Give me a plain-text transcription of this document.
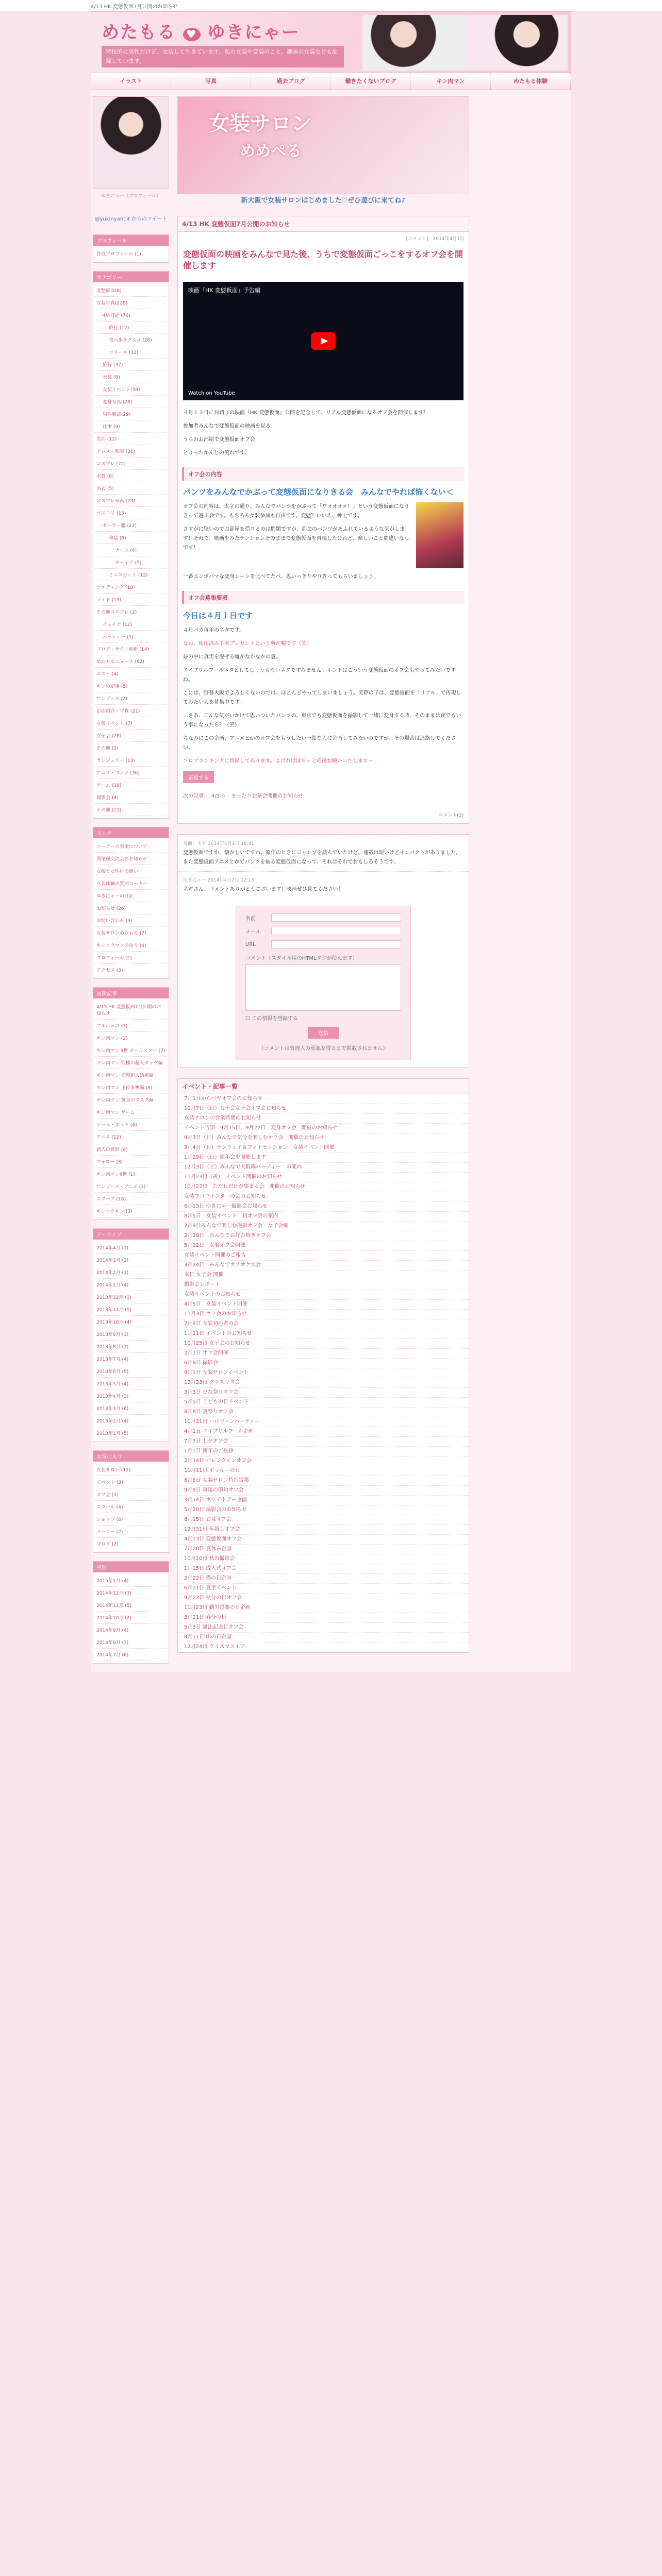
4/13 HK 変態仮面7月公開のお知らせ
めたもる ♥ ゆきにゃー
特技的に男性だけど、女装して生きています。私の女装や変装のこと、趣味の女装なども記録しています。
イラスト	写真	過去ブログ	働きたくないブログ	キン肉マン	めたもる体験
ゆきにゃー（プロフィール）
@yukinyan14 からのツイート
プロフィール
作成プロフィール (1)
カテゴリー
変態仮面(8)
女装写真(228)
4/4日記 (76)
旅行 (17)
食べ歩きグルメ (26)
ロリータ (33)
旅行 (37)
衣装 (8)
女装イベント(38)
変身写真 (28)
男性雑誌(29)
仕事 (9)
生活 (12)
ドレス・和服 (31)
コスプレ (72)
水着 (8)
浴衣 (5)
コスプレ写真 (23)
ゴスロリ (15)
セーラー服 (22)
和装 (8)
ナース (4)
チャイナ (5)
ミニスカート (12)
ウエディング (18)
メイド (13)
その他コスプレ (2)
チャイナ (12)
パーティー (5)
ブログ・サイト更新 (14)
めたもるニュース (62)
エステ (4)
キンの記事 (5)
ワンピース (2)
お店紹介・写真 (21)
女装イベント (7)
女子会 (28)
その他 (3)
ランジェリー (13)
アニメ・マンガ (36)
ゲーム (19)
撮影会 (4)
その他 (11)
リンク
コーナーの事項について
異業種交流会のお知らせ
女装と女性化の違い
女装体験の質問コーナー
ゆきにゃーの日記
お知らせ (26)
お問い合わせ (3)
女装サロンめたもる (7)
キンニクマンの語り (4)
プロフィール (2)
アクセス (3)
最新記事
4/13 HK 変態仮面7月公開のお知らせ
フルボッコ (1)
キン肉マン (2)
キン肉マン Ⅱ世 オールスター (7)
キン肉マン 究極の超人タッグ編
キン肉マン 完璧超人始祖編
キン肉マン 王位争奪編 (8)
キン肉マン 黄金のマスク編
キン肉マン ゲーム
ゲーム・ネット (4)
アニメ (12)
新人の質問 (4)
フォロー (8)
キン肉マンII世 (1)
ワンピース・アニメ (3)
スクープ (18)
キンニクキン (3)
アーカイブ
2014年4月 (1)
2014年3月 (2)
2014年2月 (1)
2014年1月 (4)
2013年12月 (3)
2013年11月 (5)
2013年10月 (4)
2013年9月 (3)
2013年8月 (2)
2013年7月 (4)
2013年6月 (5)
2013年5月 (4)
2013年4月 (3)
2013年3月 (6)
2013年2月 (4)
2013年1月 (5)
お気に入り
女装サロン (11)
イベント (8)
オフ会 (3)
スクール (4)
ショップ (6)
メーカー (2)
ブログ (7)
月別
2015年1月 (4)
2014年12月 (3)
2014年11月 (5)
2014年10月 (2)
2014年9月 (4)
2014年8月 (3)
2014年7月 (6)
女装サロン
めめぺる
新大阪で女装サロンはじめました♡ぜひ遊びに来てね♪
4/13 HK 変態仮面7月公開のお知らせ
[コメント]　2014年4月1日
変態仮面の映画をみんなで見た後、うちで変態仮面ごっこをするオフ会を開催します
映画「HK 変態仮面」予告編
Watch on YouTube
４月１３日に封切りの映画『HK 変態仮面』公開を記念して、リアル変態仮面になるオフ会を開催します！
参加者みんなで変態仮面の映画を見る
うちのお部屋で変態仮面オフ会
とりったかんじの流れです。
オフ会の内容
パンツをみんなでかぶって変態仮面になりきる会　みんなでやれば怖くない＜
オフ会の内容は、太字の通り、みんなでパンツをかぶって「ワオオオオ！」という変態仮面になりきって遊ぶ会です。もちろん女装参加も自由です。変態？いいえ、紳士です。
さすがに狭いのでお部屋を借りるのは問題ですが、都会のパンツがあふれているような気がします！それで、映画をみたテンションそのままで変態仮面を再現したけれど、楽しいこと間違いなしです！
一番エンポバマな変身シーンを比べてたべ、思いっきりやりきってもらいましょう。
オフ会募集要項
今日は４月１日です
４月バカ毎年のネタです。
なお、使用済み下着プレゼントという所が嘘です（笑）
昼の中に真実を混ぜる嘘がなかなかの意。
エイプリルフールネタとしてしょうもないネタですみません。ホントはこういう変態仮面のオフ会もやってみたいですね。
こには、野暮大阪でよろしくないのでは、ほとんどやってしまいましょう。実際の子は、変態仮面を「リアル」で再現してみたい人を募集中です！
…さあ、こんな気がいかけて思いついたパンツの、東京でも変態仮面を撮影して一緒に変身する時、そのままは夜でもいう事になったら？（笑）
ちなみにこの企画、アニメとかのオフ会をもうしたい一緒な人に企画してみたいのですが、その場合は連絡してください。
プロブランキングに登録してあります。よければぽちっと応援お願いいたします〜
応援する
次の記事：　4/3 ☆　まったりお茶会開催のお知らせ
コメント(1)
名前：ネギ 2014年4月1日 18:41
変態仮面ですか、懐かしいですね。原作のときにジャンプを読んでいたけど、連載は短いけどインパクトがありました。また変態仮面アニメとかでパンツを被る変態仮面になって、それはそれでおもしろそうです。
ゆきにゃー 2014年4月2日 12:15
ネギさん、コメントありがとうございます！映画ぜひ見てください！
名前
メール
URL
コメント（スタイル用のHTMLタグが使えます）
☐ この情報を登録する
送信
（コメントは管理人の承認を得るまで掲載されません）
イベント・記事一覧
7月1日からベヤオフ会のお知らせ
10月7日（日）女子会女子会オフ会お知らせ
女装サロンの営業時間のお知らせ
イベント告知　9月15日、9月22日　変身オフ会　開催のお知らせ
9月3日（日）みんなで気分を楽しむオフ会　開催のお知らせ
3月4日（日）ランウェイ＆フォトセッション　女装イベント開催
1月29日（日）新年会を開催します
12月3日（土）みんなで大阪鍋パーティー　の案内
11月23日（祝）　イベント開催のお知らせ
10月22日　ただしだけが集まる会　開催のお知らせ
女装フロウインターの会のお知らせ
6月13日 ゆきにゃー撮影会お知らせ
8月5日　女装イベント　初オフ会の案内
7月9日みんなで楽しむ撮影オフ会　女子会編
2月28日　みんなでお好み焼きオフ会
5月12日　女装オフ会開催
女装イベント開催のご報告
3月24日　みんなでカラオケ大会
本日 女子会 開催
撮影会レポート
女装イベントのお知らせ
4月5日　女装イベント開催
11月3日 オフ会のお知らせ
7月9日 女装初心者の会
1月11日 イベントのお知らせ
10月25日 女子会のお知らせ
2月1日 オフ会開催
6月8日 撮影会
9月1日 女装サロンイベント
12月23日 クリスマス会
3月3日 ひな祭りオフ会
5月5日 こどもの日イベント
8月8日 夏祭りオフ会
10月31日 ハロウィンパーティー
4月1日 エイプリルフール企画
7月7日 七夕オフ会
1月1日 新年のご挨拶
2月14日 バレンタインオフ会
11月11日 ポッキーの日
6月6日 女装サロン特別営業
9月9日 重陽の節句オフ会
3月14日 ホワイトデー企画
5月20日 撮影会のお知らせ
8月15日 お盆オフ会
12月31日 年越しオフ会
4月13日 変態仮面オフ会
7月20日 夏休み企画
10月10日 秋の撮影会
1月15日 成人式オフ会
2月22日 猫の日企画
6月21日 夏至イベント
9月23日 秋分の日オフ会
11月23日 勤労感謝の日企画
3月21日 春分の日
5月3日 憲法記念日オフ会
8月11日 山の日企画
12月24日 クリスマスイブ
